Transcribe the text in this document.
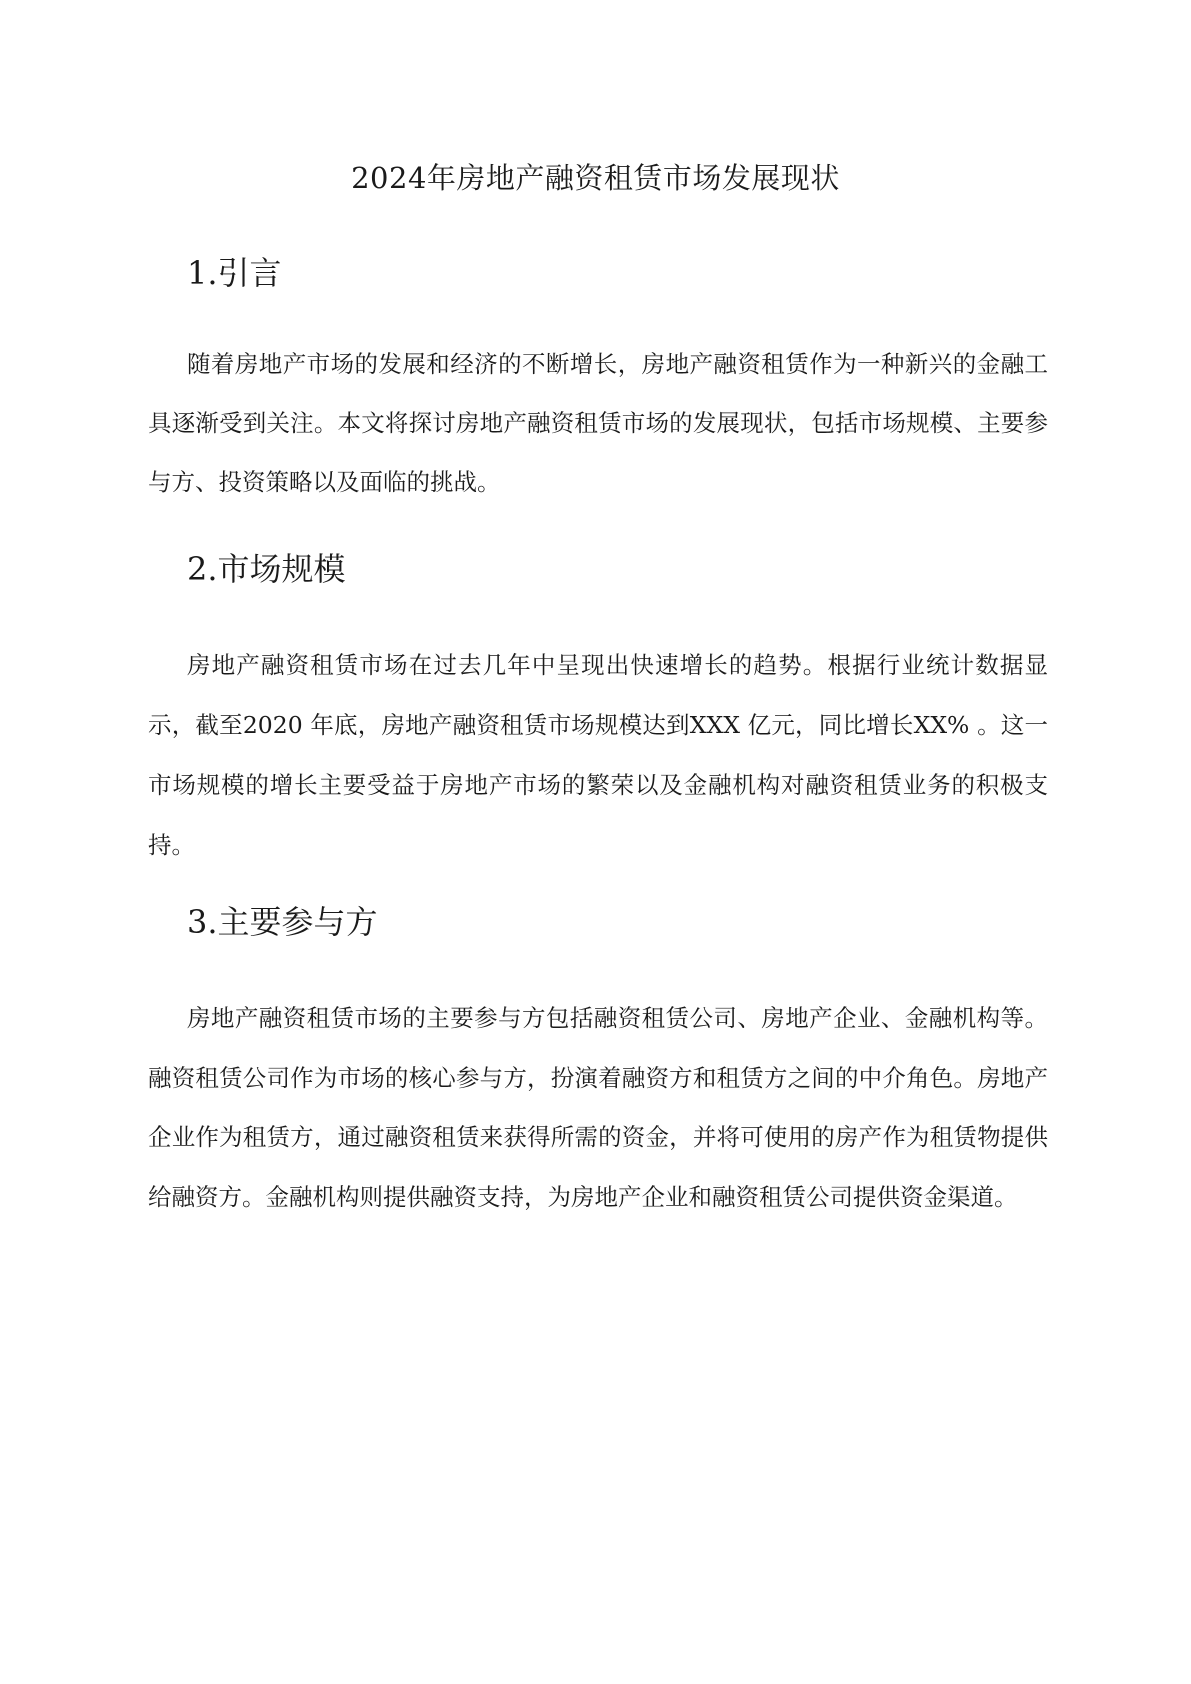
2024年房地产融资租赁市场发展现状
1.引言

随着房地产市场的发展和经济的不断增长，房地产融资租赁作为一种新兴的金融工具逐渐受到关注。本文将探讨房地产融资租赁市场的发展现状，包括市场规模、主要参与方、投资策略以及面临的挑战。

2.市场规模

房地产融资租赁市场在过去几年中呈现出快速增长的趋势。根据行业统计数据显示，截至2020 年底，房地产融资租赁市场规模达到XXX 亿元，同比增长XX% 。这一市场规模的增长主要受益于房地产市场的繁荣以及金融机构对融资租赁业务的积极支持。

3.主要参与方

房地产融资租赁市场的主要参与方包括融资租赁公司、房地产企业、金融机构等。融资租赁公司作为市场的核心参与方，扮演着融资方和租赁方之间的中介角色。房地产企业作为租赁方，通过融资租赁来获得所需的资金，并将可使用的房产作为租赁物提供给融资方。金融机构则提供融资支持，为房地产企业和融资租赁公司提供资金渠道。
